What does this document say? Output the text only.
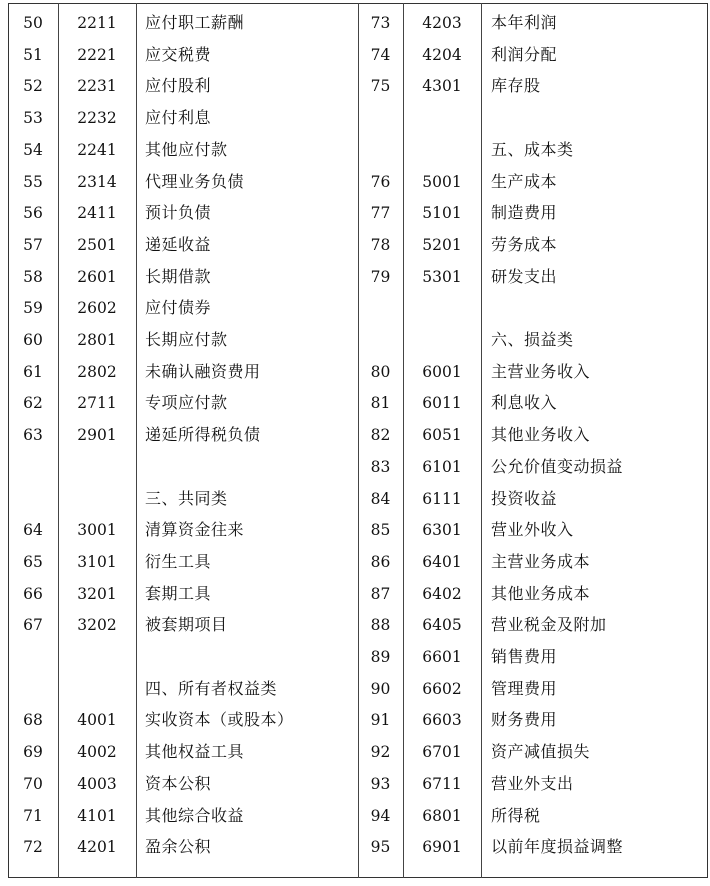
50	2211	应付职工薪酬
51	2221	应交税费
52	2231	应付股利
53	2232	应付利息
54	2241	其他应付款
55	2314	代理业务负债
56	2411	预计负债
57	2501	递延收益
58	2601	长期借款
59	2602	应付债券
60	2801	长期应付款
61	2802	未确认融资费用
62	2711	专项应付款
63	2901	递延所得税负债
三、共同类
64	3001	清算资金往来
65	3101	衍生工具
66	3201	套期工具
67	3202	被套期项目
四、所有者权益类
68	4001	实收资本（或股本）
69	4002	其他权益工具
70	4003	资本公积
71	4101	其他综合收益
72	4201	盈余公积
73	4203	本年利润
74	4204	利润分配
75	4301	库存股
五、成本类
76	5001	生产成本
77	5101	制造费用
78	5201	劳务成本
79	5301	研发支出
六、损益类
80	6001	主营业务收入
81	6011	利息收入
82	6051	其他业务收入
83	6101	公允价值变动损益
84	6111	投资收益
85	6301	营业外收入
86	6401	主营业务成本
87	6402	其他业务成本
88	6405	营业税金及附加
89	6601	销售费用
90	6602	管理费用
91	6603	财务费用
92	6701	资产减值损失
93	6711	营业外支出
94	6801	所得税
95	6901	以前年度损益调整
